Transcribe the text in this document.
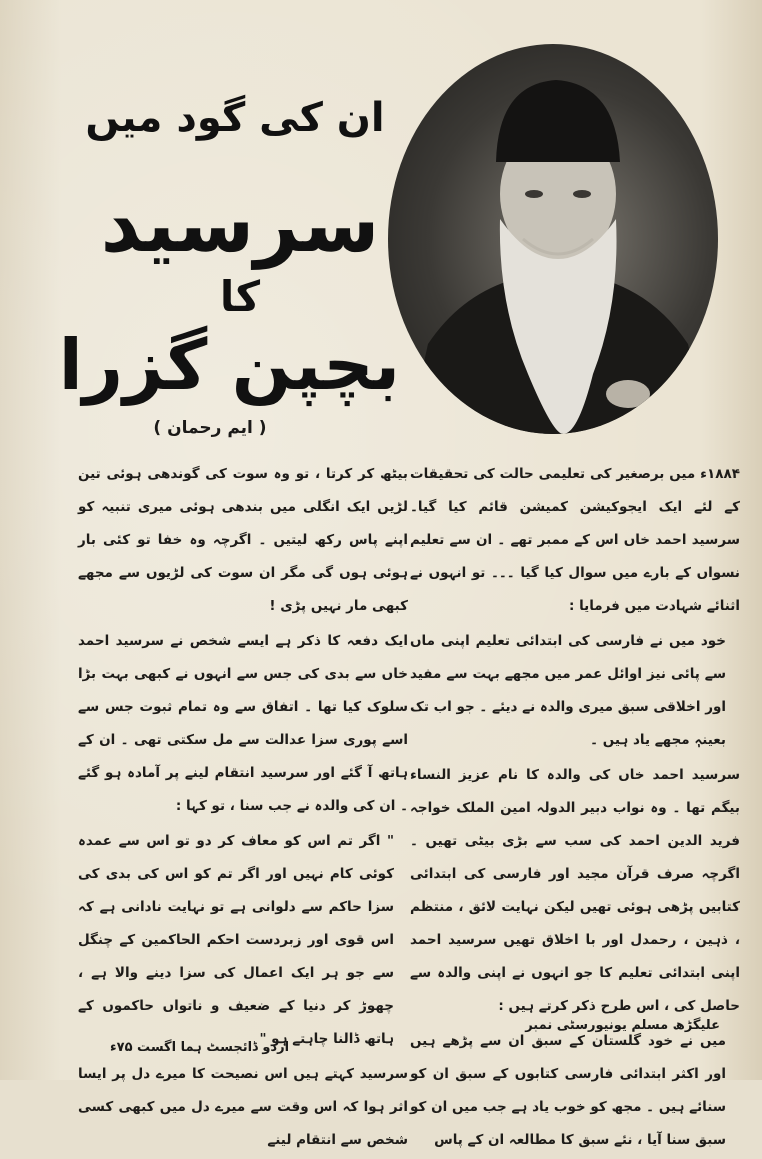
ان کی گود میں
سرسید
کا
بچپن گزرا
( ایم رحمان )

۱۸۸۴ء میں برصغیر کی تعلیمی حالت کی تحقیقات کے لئے ایک ایجوکیشن کمیشن قائم کیا گیا۔ سرسید احمد خاں اس کے ممبر تھے ۔ ان سے تعلیم نسواں کے بارے میں سوال کیا گیا ۔۔۔ تو انہوں نے اثنائے شہادت میں فرمایا :

خود میں نے فارسی کی ابتدائی تعلیم اپنی ماں سے پائی نیز اوائل عمر میں مجھے بہت سے مفید اور اخلاقی سبق میری والدہ نے دیئے ۔ جو اب تک بعینہٖ مجھے یاد ہیں ۔

سرسید احمد خاں کی والدہ کا نام عزیز النساء بیگم تھا ۔ وہ نواب دبیر الدولہ امین الملک خواجہ فرید الدین احمد کی سب سے بڑی بیٹی تھیں ۔ اگرچہ صرف قرآن مجید اور فارسی کی ابتدائی کتابیں پڑھی ہوئی تھیں لیکن نہایت لائق ، منتظم ، ذہین ، رحمدل اور با اخلاق تھیں سرسید احمد اپنی ابتدائی تعلیم کا جو انہوں نے اپنی والدہ سے حاصل کی ، اس طرح ذکر کرتے ہیں :

میں نے خود گلستان کے سبق ان سے پڑھے ہیں اور اکثر ابتدائی فارسی کتابوں کے سبق ان کو سنائے ہیں ۔ مجھ کو خوب یاد ہے جب میں ان کو سبق سنا آیا ، نئے سبق کا مطالعہ ان کے پاس

بیٹھ کر کرتا ، تو وہ سوت کی گوندھی ہوئی تین لڑیں ایک انگلی میں بندھی ہوئی میری تنبیہ کو اپنے پاس رکھ لیتیں ۔ اگرچہ وہ خفا تو کئی بار ہوئی ہوں گی مگر ان سوت کی لڑیوں سے مجھے کبھی مار نہیں پڑی !

ایک دفعہ کا ذکر ہے ایسے شخص نے سرسید احمد خاں سے بدی کی جس سے انہوں نے کبھی بہت بڑا سلوک کیا تھا ۔ اتفاق سے وہ تمام ثبوت جس سے اسے پوری سزا عدالت سے مل سکتی تھی ۔ ان کے ہاتھ آ گئے اور سرسید انتقام لینے پر آمادہ ہو گئے ۔ ان کی والدہ نے جب سنا ، تو کہا :

" اگر تم اس کو معاف کر دو تو اس سے عمدہ کوئی کام نہیں اور اگر تم کو اس کی بدی کی سزا حاکم سے دلوانی ہے تو نہایت نادانی ہے کہ اس قوی اور زبردست احکم الحاکمین کے چنگل سے جو ہر ایک اعمال کی سزا دینے والا ہے ، چھوڑ کر دنیا کے ضعیف و ناتواں حاکموں کے ہاتھ ڈالنا چاہتے ہو "

سرسید کہتے ہیں اس نصیحت کا میرے دل پر ایسا اثر ہوا کہ اس وقت سے میرے دل میں کبھی کسی شخص سے انتقام لینے

اردو ڈائجسٹ ہما اگست ۷۵ء
علیگڑھ مسلم یونیورسٹی نمبر
